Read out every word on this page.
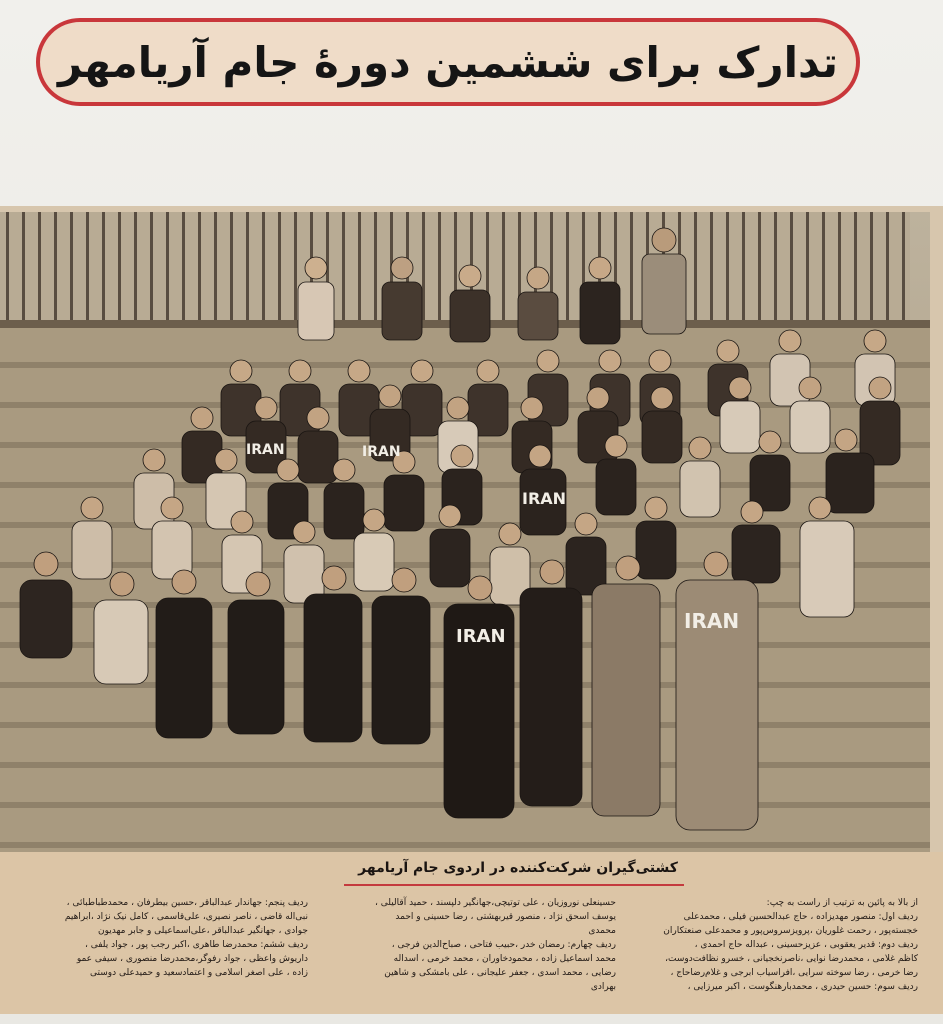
تدارک برای ششمین دورهٔ جام آریامهر
IRAN	IRAN
IRAN
IRAN
IRAN
کشتی‌گیران شرکت‌کننده در اردوی جام آریامهر

از بالا به پائین به ترتیب از راست به چپ:

ردیف اول: منصور مهدیزاده ، حاج عبدالحسین فیلی ، محمدعلی

خجسته‌پور ، رحمت غلوریان ،پرویزسروس‌پور و محمدعلی صنعتکاران

ردیف دوم: قدیر یعقوبی ، عزیزحسینی ، عبداله حاج احمدی ،

کاظم غلامی ، محمدرضا نوایی ،ناصرنخجیانی ، خسرو نظافت‌دوست،

رضا خرمی ، رضا سوخته سرایی ،افراسیاب ابرجی و غلام‌رضاحاج‌ ،

ردیف سوم: حسین حیدری ، محمدبار‌هنگوست ، اکبر میرزایی ،

حسینعلی نوروزیان ، علی توتیچی،جهانگیر دلپسند ، حمید آقالیلی ،

یوسف اسحق نژاد ، منصور قیربهشتی ، رضا حسینی و احمد

محمدی

ردیف چهارم: رمضان خدر ،حبیب فتاحی ، صباح‌الدین فرجی ،

محمد اسماعیل زاده ، محمودخاوران ، محمد خرمی ، اسداله

رضایی ، محمد اسدی ، جعفر علیجانی ، علی بامشکی و شاهین

بهرادی

ردیف پنجم: جهاندار عبدالباقر ،حسین بیطرفان ، محمدطباطبائی ،

نبی‌اله قاضی ، ناصر نصیری، علی‌قاسمی ، کامل نیک نژاد ،ابراهیم

جوادی ، جهانگیر عبدالباقر ،علی‌اسماعیلی و جابر مهدیون

ردیف ششم: محمدرضا طاهری ،اکبر رجب پور ، جواد یلفی ،

داریوش واعظی ، جواد رفوگر،محمدرضا منصوری ، سیفی عمو

زاده ، علی اصغر اسلامی و اعتمادسعید و حمیدعلی دوستی
